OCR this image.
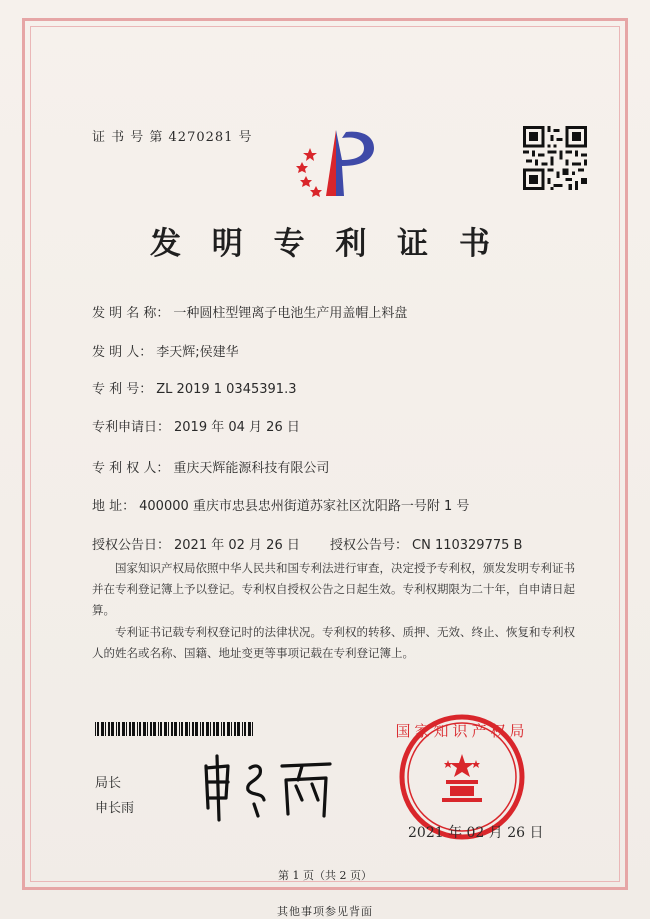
证 书 号 第 4270281 号
发 明 专 利 证 书
发 明 名 称： 一种圆柱型锂离子电池生产用盖帽上料盘
发 明 人： 李天辉;侯建华
专 利 号： ZL 2019 1 0345391.3
专利申请日： 2019 年 04 月 26 日
专 利 权 人： 重庆天辉能源科技有限公司
地 址： 400000 重庆市忠县忠州街道苏家社区沈阳路一号附 1 号
授权公告日： 2021 年 02 月 26 日 授权公告号： CN 110329775 B
国家知识产权局依照中华人民共和国专利法进行审查，决定授予专利权，颁发发明专利证书并在专利登记簿上予以登记。专利权自授权公告之日起生效。专利权期限为二十年，自申请日起算。
专利证书记载专利权登记时的法律状况。专利权的转移、质押、无效、终止、恢复和专利权人的姓名或名称、国籍、地址变更等事项记载在专利登记簿上。
局长
申长雨
国家知识产权局
2021 年 02 月 26 日
第 1 页（共 2 页）
其他事项参见背面
